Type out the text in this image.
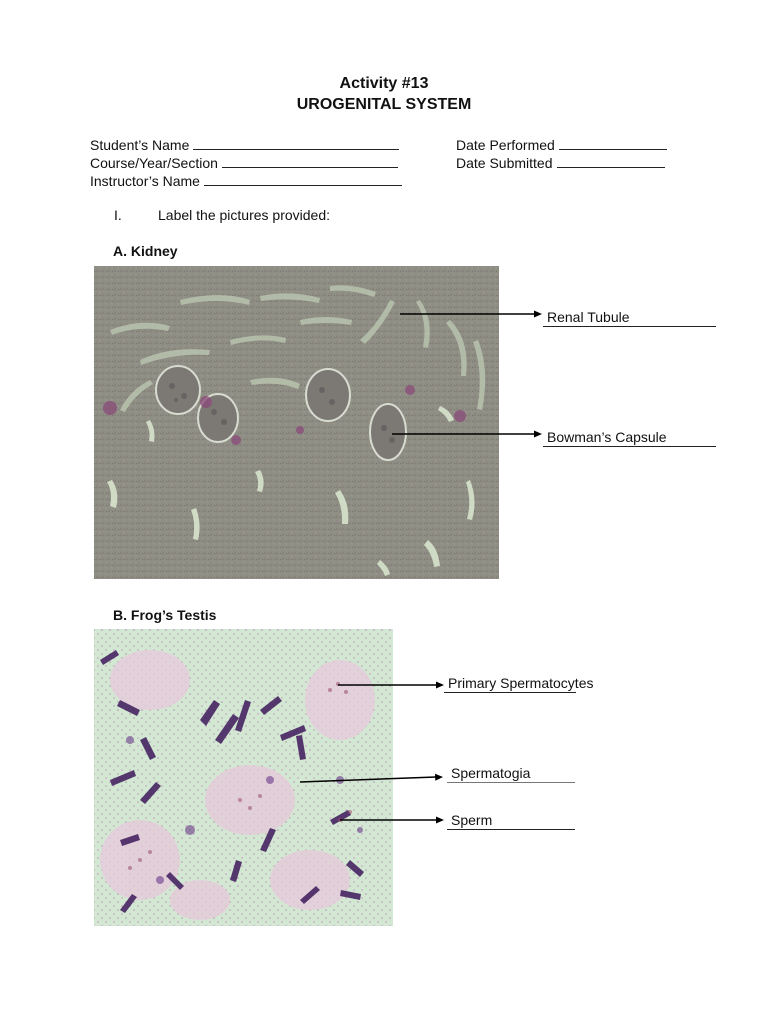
Activity #13
UROGENITAL SYSTEM
Student’s Name
Course/Year/Section
Instructor’s Name
Date Performed
Date Submitted
I.	Label the pictures provided:
A. Kidney
Renal Tubule
Bowman’s Capsule
B. Frog’s Testis
Primary Spermatocytes
Spermatogia
Sperm
